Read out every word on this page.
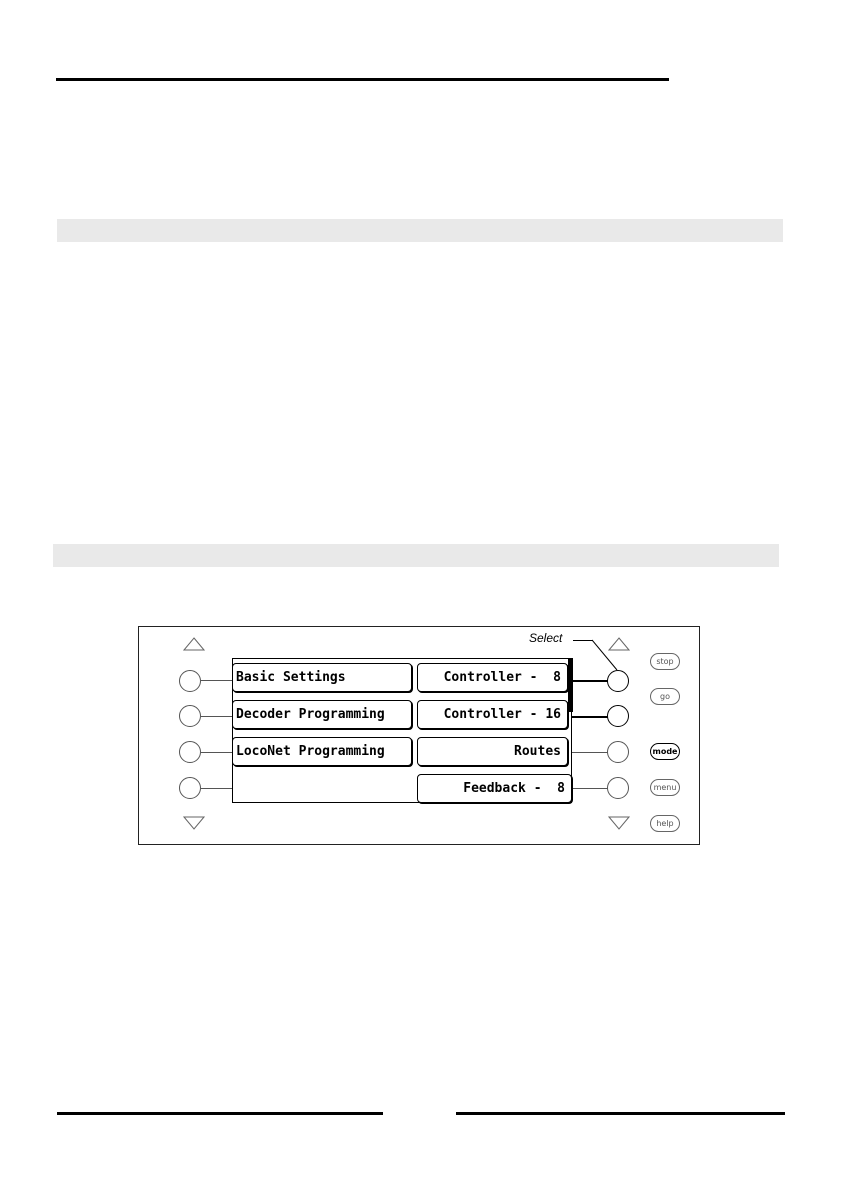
Select
Basic Settings
Decoder Programming
LocoNet Programming
Controller -  8
Controller - 16
Routes
Feedback -  8
stop
go
mode
menu
help
